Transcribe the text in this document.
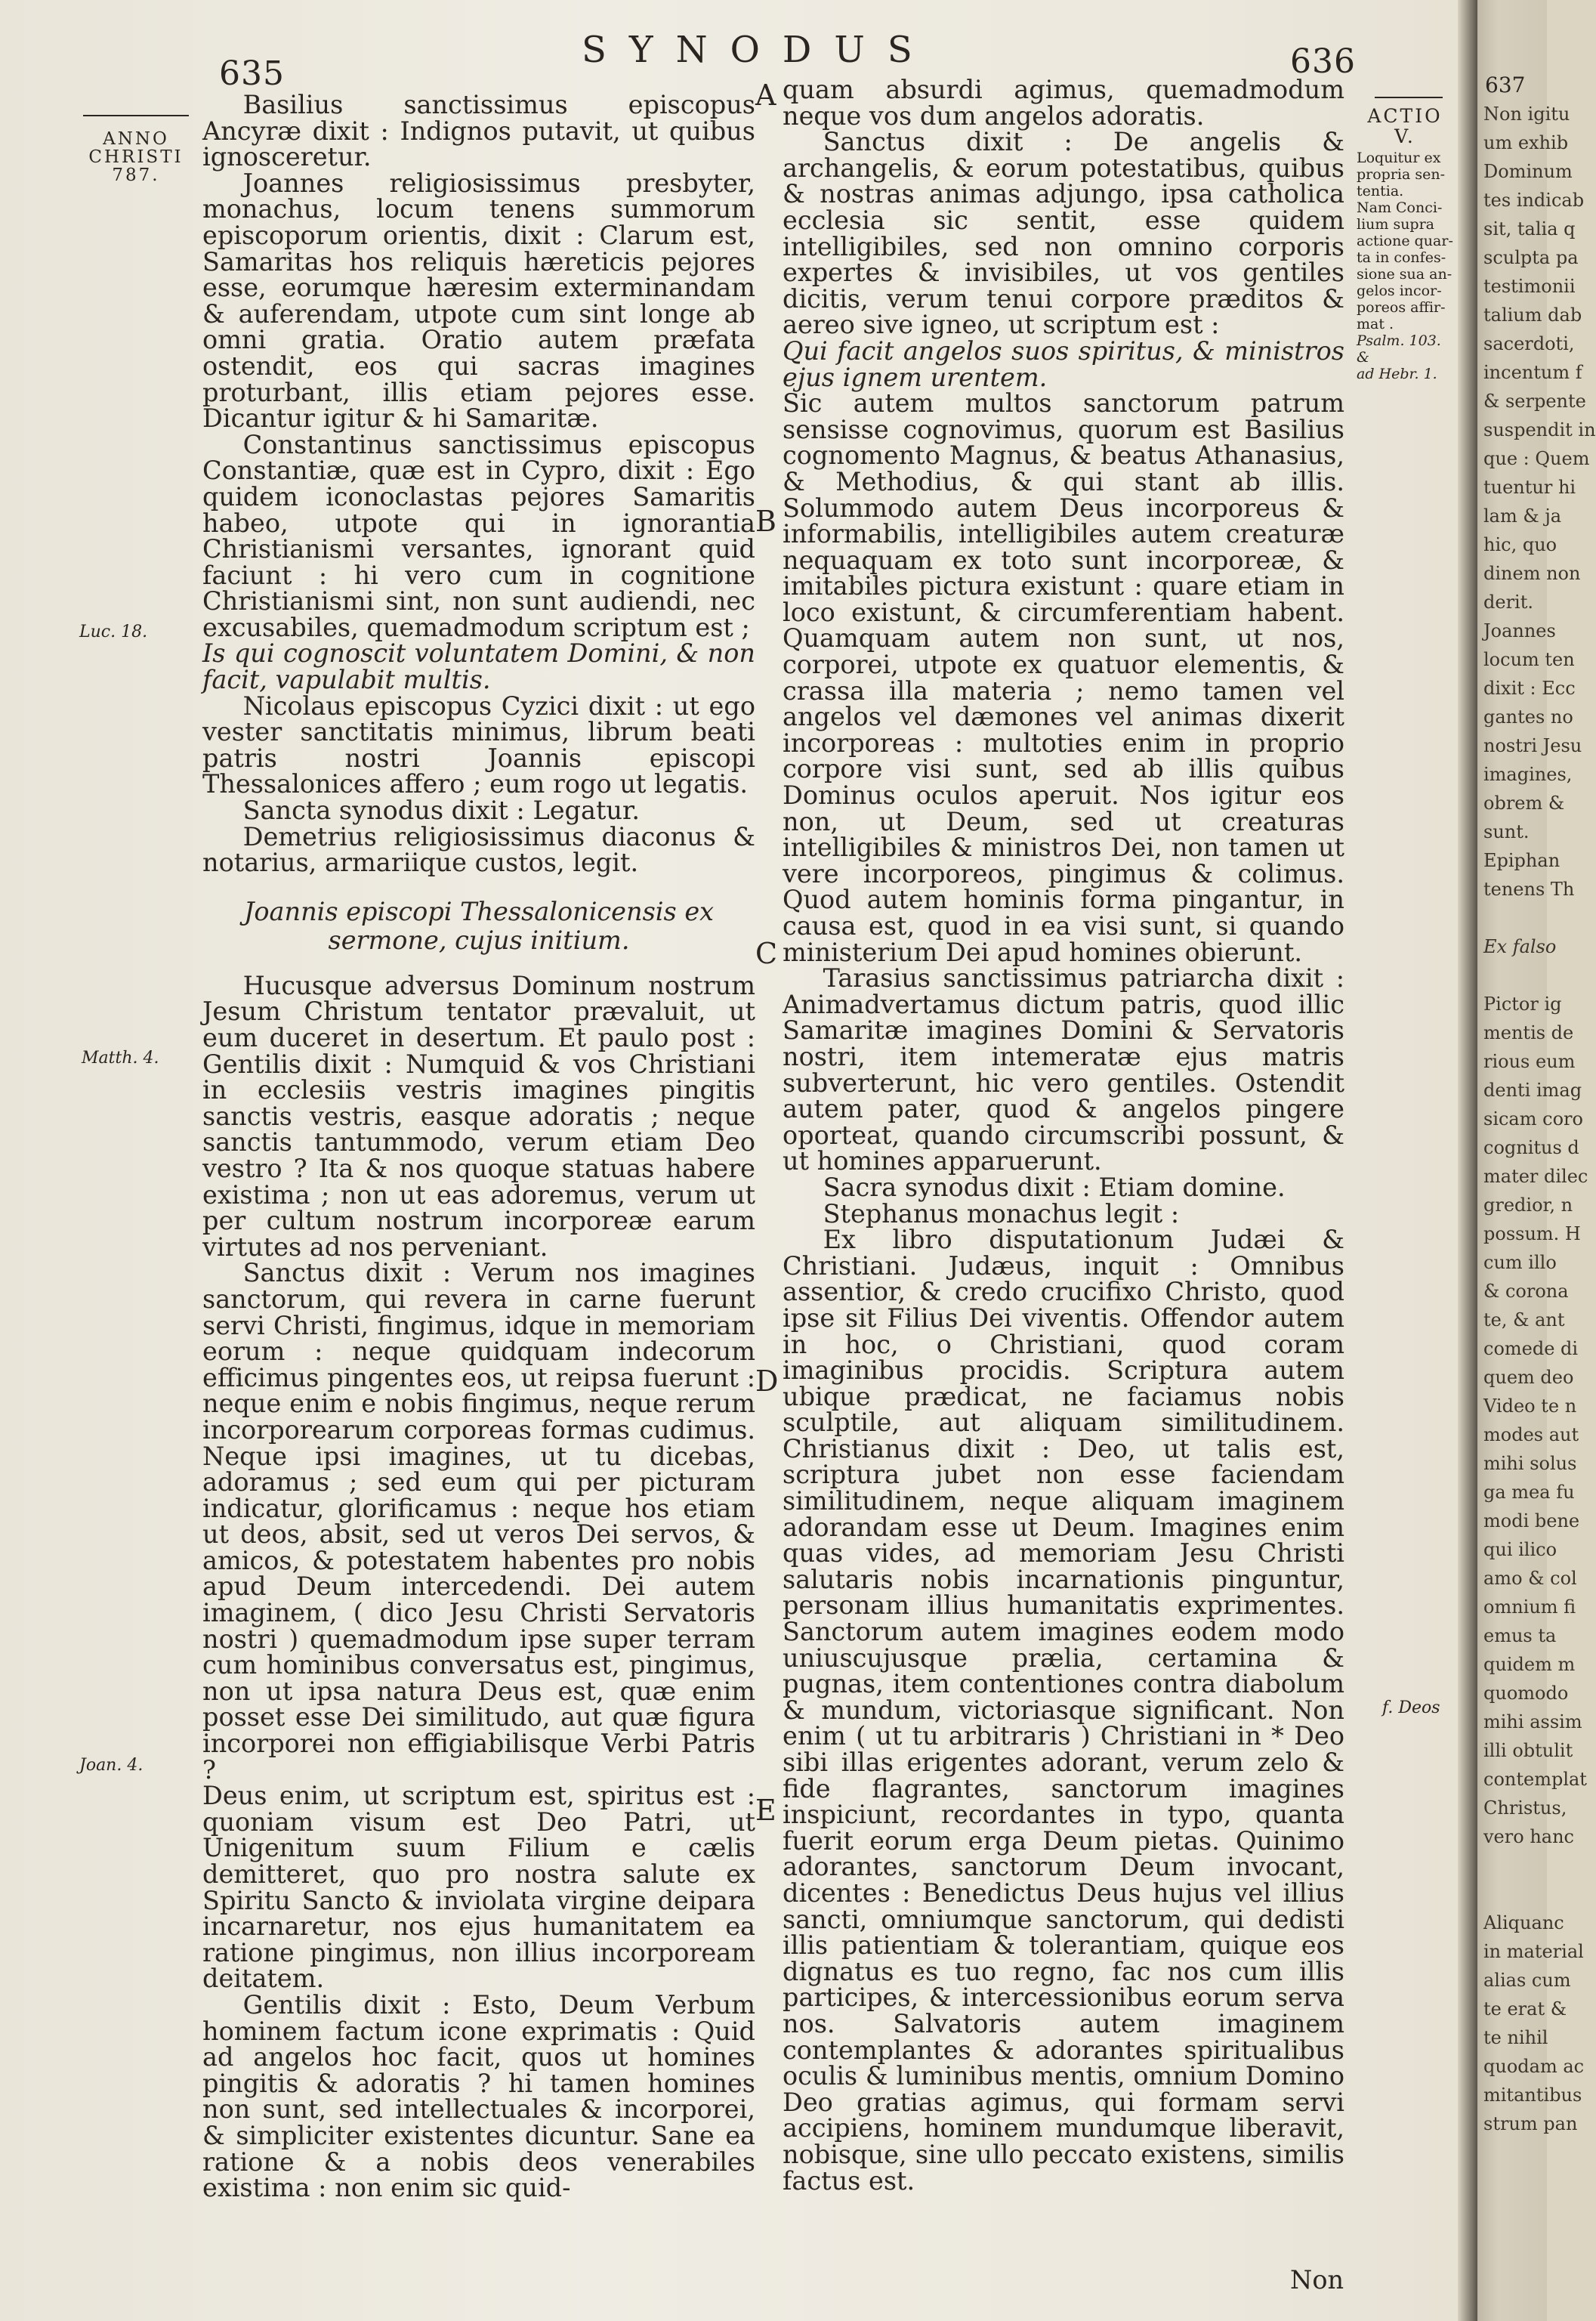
635
SYNODUS	636
ANNO
CHRISTI
787.
Luc. 18.
Matth. 4.
Joan. 4.
A
B
C
D
E

Basilius sanctissimus episcopus Ancyræ dixit : Indignos putavit, ut quibus ignosceretur.

Joannes religiosissimus presbyter, monachus, locum tenens summorum episcoporum orientis, dixit : Clarum est, Samaritas hos reliquis hæreticis pejores esse, eorumque hæresim exterminandam & auferendam, utpote cum sint longe ab omni gratia. Oratio autem præfata ostendit, eos qui sacras imagines proturbant, illis etiam pejores esse. Dicantur igitur & hi Samaritæ.

Constantinus sanctissimus episcopus Constantiæ, quæ est in Cypro, dixit : Ego quidem iconoclastas pejores Samaritis habeo, utpote qui in ignorantia Christianismi versantes, ignorant quid faciunt : hi vero cum in cognitione Christianismi sint, non sunt audiendi, nec excusabiles, quemadmodum scriptum est ;

Is qui cognoscit voluntatem Domini, & non facit, vapulabit multis.

Nicolaus episcopus Cyzici dixit : ut ego vester sanctitatis minimus, librum beati patris nostri Joannis episcopi Thessalonices affero ; eum rogo ut legatis.

Sancta synodus dixit : Legatur.

Demetrius religiosissimus diaconus & notarius, armariique custos, legit.

Joannis episcopi Thessalonicensis ex sermone, cujus initium.

Hucusque adversus Dominum nostrum Jesum Christum tentator prævaluit, ut eum duceret in desertum. Et paulo post : Gentilis dixit : Numquid & vos Christiani in ecclesiis vestris imagines pingitis sanctis vestris, easque adoratis ; neque sanctis tantummodo, verum etiam Deo vestro ? Ita & nos quoque statuas habere existima ; non ut eas adoremus, verum ut per cultum nostrum incorporeæ earum virtutes ad nos perveniant.

Sanctus dixit : Verum nos imagines sanctorum, qui revera in carne fuerunt servi Christi, fingimus, idque in memoriam eorum : neque quidquam indecorum efficimus pingentes eos, ut reipsa fuerunt : neque enim e nobis fingimus, neque rerum incorporearum corporeas formas cudimus. Neque ipsi imagines, ut tu dicebas, adoramus ; sed eum qui per picturam indicatur, glorificamus : neque hos etiam ut deos, absit, sed ut veros Dei servos, & amicos, & potestatem habentes pro nobis apud Deum intercedendi. Dei autem imaginem, ( dico Jesu Christi Servatoris nostri ) quemadmodum ipse super terram cum hominibus conversatus est, pingimus, non ut ipsa natura Deus est, quæ enim posset esse Dei similitudo, aut quæ figura incorporei non effigiabilisque Verbi Patris ?

Deus enim, ut scriptum est, spiritus est : quoniam visum est Deo Patri, ut Unigenitum suum Filium e cælis demitteret, quo pro nostra salute ex Spiritu Sancto & inviolata virgine deipara incarnaretur, nos ejus humanitatem ea ratione pingimus, non illius incorpoream deitatem.

Gentilis dixit : Esto, Deum Verbum hominem factum icone exprimatis : Quid ad angelos hoc facit, quos ut homines pingitis & adoratis ? hi tamen homines non sunt, sed intellectuales & incorporei, & simpliciter existentes dicuntur. Sane ea ratione & a nobis deos venerabiles existima : non enim sic quid-

quam absurdi agimus, quemadmodum neque vos dum angelos adoratis.

Sanctus dixit : De angelis & archangelis, & eorum potestatibus, quibus & nostras animas adjungo, ipsa catholica ecclesia sic sentit, esse quidem intelligibiles, sed non omnino corporis expertes & invisibiles, ut vos gentiles dicitis, verum tenui corpore præditos & aereo sive igneo, ut scriptum est :

Qui facit angelos suos spiritus, & ministros ejus ignem urentem.

Sic autem multos sanctorum patrum sensisse cognovimus, quorum est Basilius cognomento Magnus, & beatus Athanasius, & Methodius, & qui stant ab illis. Solummodo autem Deus incorporeus & informabilis, intelligibiles autem creaturæ nequaquam ex toto sunt incorporeæ, & imitabiles pictura existunt : quare etiam in loco existunt, & circumferentiam habent. Quamquam autem non sunt, ut nos, corporei, utpote ex quatuor elementis, & crassa illa materia ; nemo tamen vel angelos vel dæmones vel animas dixerit incorporeas : multoties enim in proprio corpore visi sunt, sed ab illis quibus Dominus oculos aperuit. Nos igitur eos non, ut Deum, sed ut creaturas intelligibiles & ministros Dei, non tamen ut vere incorporeos, pingimus & colimus. Quod autem hominis forma pingantur, in causa est, quod in ea visi sunt, si quando ministerium Dei apud homines obierunt.

Tarasius sanctissimus patriarcha dixit : Animadvertamus dictum patris, quod illic Samaritæ imagines Domini & Servatoris nostri, item intemeratæ ejus matris subverterunt, hic vero gentiles. Ostendit autem pater, quod & angelos pingere oporteat, quando circumscribi possunt, & ut homines apparuerunt.

Sacra synodus dixit : Etiam domine.

Stephanus monachus legit :

Ex libro disputationum Judæi & Christiani. Judæus, inquit : Omnibus assentior, & credo crucifixo Christo, quod ipse sit Filius Dei viventis. Offendor autem in hoc, o Christiani, quod coram imaginibus procidis. Scriptura autem ubique prædicat, ne faciamus nobis sculptile, aut aliquam similitudinem. Christianus dixit : Deo, ut talis est, scriptura jubet non esse faciendam similitudinem, neque aliquam imaginem adorandam esse ut Deum. Imagines enim quas vides, ad memoriam Jesu Christi salutaris nobis incarnationis pinguntur, personam illius humanitatis exprimentes. Sanctorum autem imagines eodem modo uniuscujusque prælia, certamina & pugnas, item contentiones contra diabolum & mundum, victoriasque significant. Non enim ( ut tu arbitraris ) Christiani in * Deo sibi illas erigentes adorant, verum zelo & fide flagrantes, sanctorum imagines inspiciunt, recordantes in typo, quanta fuerit eorum erga Deum pietas. Quinimo adorantes, sanctorum Deum invocant, dicentes : Benedictus Deus hujus vel illius sancti, omniumque sanctorum, qui dedisti illis patientiam & tolerantiam, quique eos dignatus es tuo regno, fac nos cum illis participes, & intercessionibus eorum serva nos. Salvatoris autem imaginem contemplantes & adorantes spiritualibus oculis & luminibus mentis, omnium Domino Deo gratias agimus, qui formam servi accipiens, hominem mundumque liberavit, nobisque, sine ullo peccato existens, similis factus est.

Non
ACTIO
V.
Loquitur ex
propria sen-
tentia.
Nam Conci-
lium supra
actione quar-
ta in confes-
sione sua an-
gelos incor-
poreos affir-
mat .
Psalm. 103. &
ad Hebr. 1.
f. Deos
637
Non igitu
um exhib
Dominum
tes indicab
sit, talia q
sculpta pa
testimonii
talium dab
sacerdoti,
incentum f
& serpente
suspendit in
que : Quem
tuentur hi
lam & ja
hic, quo
dinem non
derit.
Joannes
locum ten
dixit : Ecc
gantes no
nostri Jesu
imagines,
obrem &
sunt.
Epiphan
tenens Th
Ex falso
Pictor ig
mentis de
rious eum
denti imag
sicam coro
cognitus d
mater dilec
gredior, n
possum. H
cum illo
& corona
te, & ant
comede di
quem deo
Video te n
modes aut
mihi solus
ga mea fu
modi bene
qui ilico
amo & col
omnium fi
emus ta
quidem m
quomodo
mihi assim
illi obtulit
contemplat
Christus,
vero hanc
Aliquanc
in material
alias cum
te erat &
te nihil
quodam ac
mitantibus
strum pan
